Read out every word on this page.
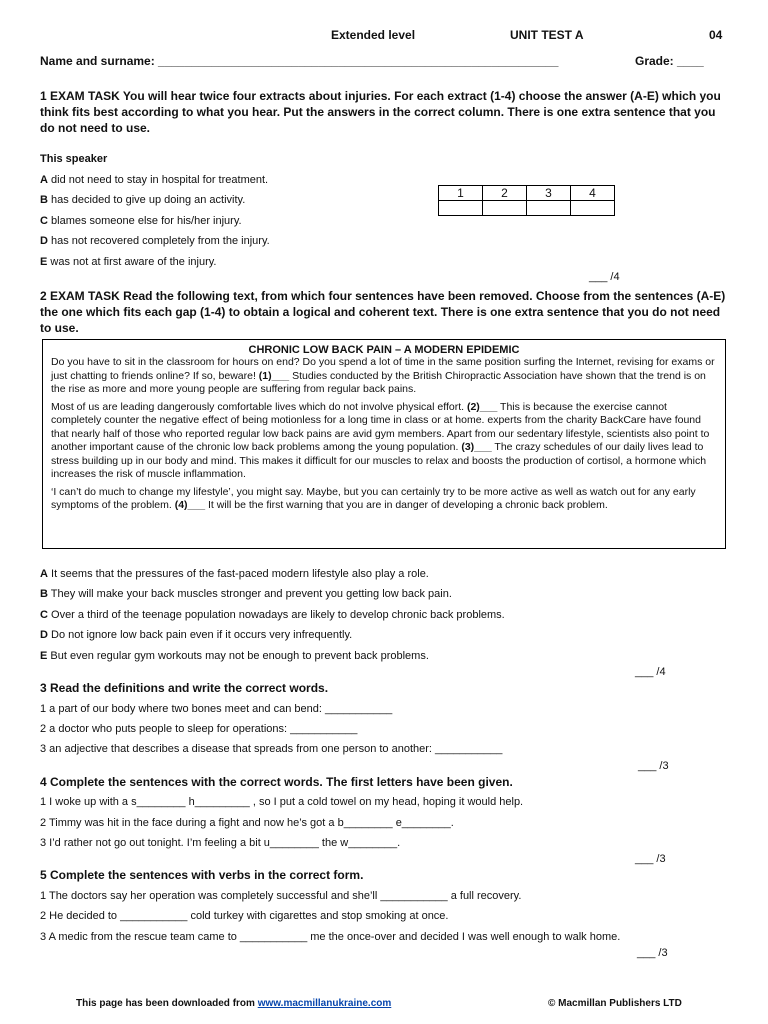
Extended level	UNIT TEST A	04
Name and surname: ____________________________________________________________	Grade: ____
1 EXAM TASK You will hear twice four extracts about injuries. For each extract (1-4) choose the answer (A-E) which you think fits best according to what you hear. Put the answers in the correct column. There is one extra sentence that you do not need to use.
This speaker
A did not need to stay in hospital for treatment.
B has decided to give up doing an activity.
C blames someone else for his/her injury.
D has not recovered completely from the injury.
E was not at first aware of the injury.
1	2	3	4

___ /4
2 EXAM TASK Read the following text, from which four sentences have been removed. Choose from the sentences (A-E) the one which fits each gap (1-4) to obtain a logical and coherent text. There is one extra sentence that you do not need to use.
CHRONIC LOW BACK PAIN – A MODERN EPIDEMIC

Do you have to sit in the classroom for hours on end? Do you spend a lot of time in the same position surfing the Internet, revising for exams or just chatting to friends online? If so, beware! (1)___ Studies conducted by the British Chiropractic Association have shown that the trend is on the rise as more and more young people are suffering from regular back pains.

Most of us are leading dangerously comfortable lives which do not involve physical effort. (2)___ This is because the exercise cannot completely counter the negative effect of being motionless for a long time in class or at home. experts from the charity BackCare have found that nearly half of those who reported regular low back pains are avid gym members. Apart from our sedentary lifestyle, scientists also point to another important cause of the chronic low back problems among the young population. (3)___ The crazy schedules of our daily lives lead to stress building up in our body and mind. This makes it difficult for our muscles to relax and boosts the production of cortisol, a hormone which increases the risk of muscle inflammation.

‘I can’t do much to change my lifestyle’, you might say. Maybe, but you can certainly try to be more active as well as watch out for any early symptoms of the problem. (4)___ It will be the first warning that you are in danger of developing a chronic back problem.

A It seems that the pressures of the fast-paced modern lifestyle also play a role.
B They will make your back muscles stronger and prevent you getting low back pain.
C Over a third of the teenage population nowadays are likely to develop chronic back problems.
D Do not ignore low back pain even if it occurs very infrequently.
E But even regular gym workouts may not be enough to prevent back problems.
___ /4
3 Read the definitions and write the correct words.
1 a part of our body where two bones meet and can bend: ___________
2 a doctor who puts people to sleep for operations: ___________
3 an adjective that describes a disease that spreads from one person to another: ___________
___ /3
4 Complete the sentences with the correct words. The first letters have been given.
1 I woke up with a s________ h_________ , so I put a cold towel on my head, hoping it would help.
2 Timmy was hit in the face during a fight and now he’s got a b________ e________.
3 I’d rather not go out tonight. I’m feeling a bit u________ the w________.
___ /3
5 Complete the sentences with verbs in the correct form.
1 The doctors say her operation was completely successful and she’ll ___________ a full recovery.
2 He decided to ___________ cold turkey with cigarettes and stop smoking at once.
3 A medic from the rescue team came to ___________ me the once-over and decided I was well enough to walk home.
___ /3
This page has been downloaded from www.macmillanukraine.com	© Macmillan Publishers LTD
